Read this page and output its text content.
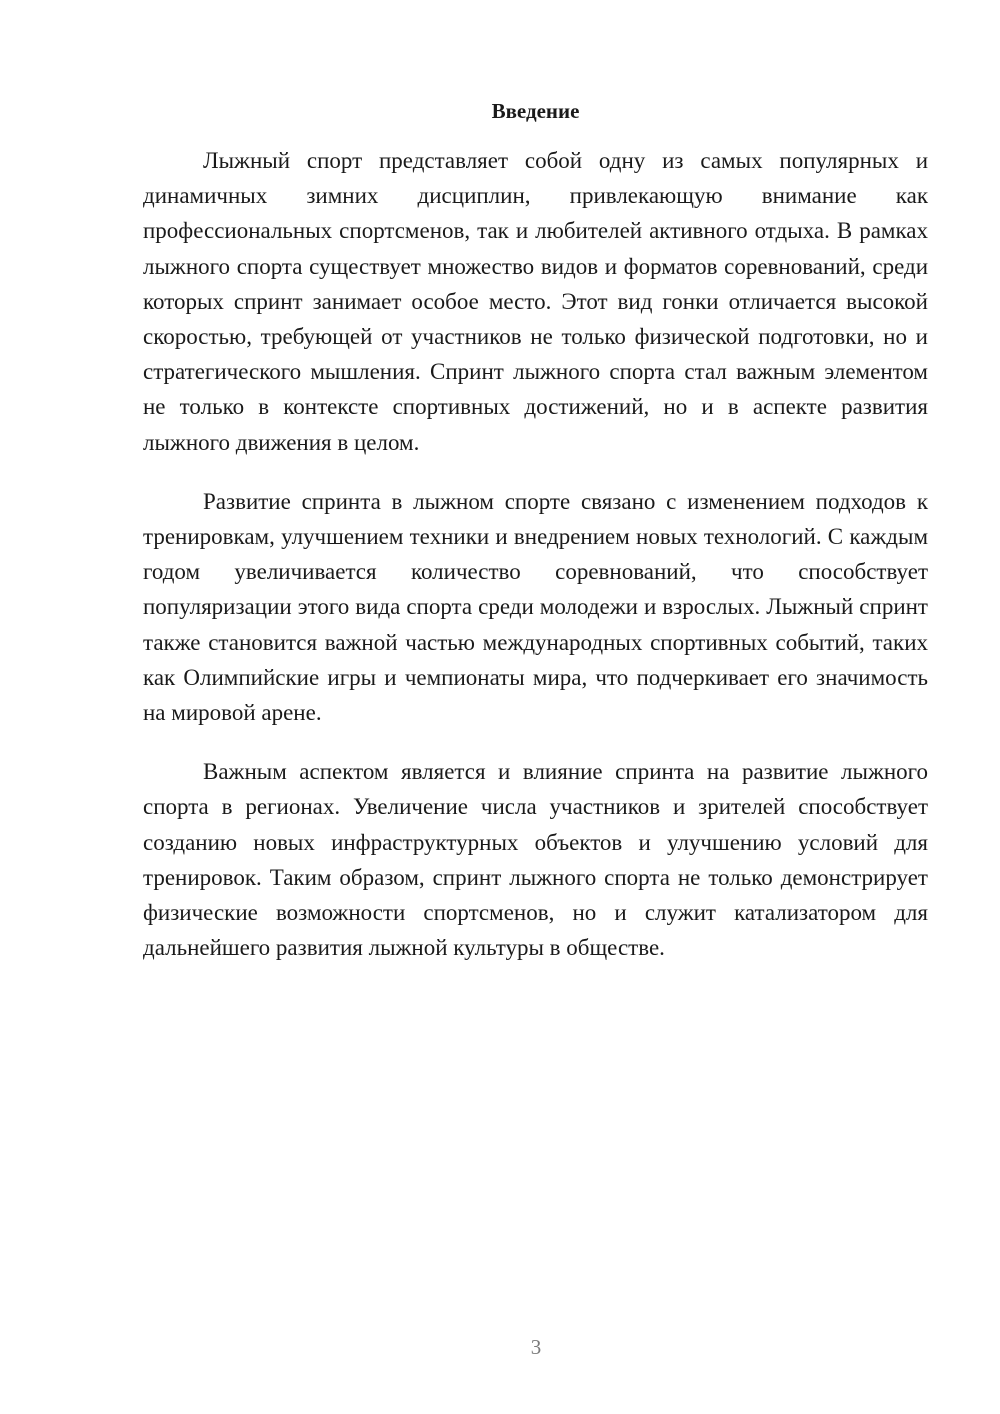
Введение

Лыжный спорт представляет собой одну из самых популярных и динамичных зимних дисциплин, привлекающую внимание как профессиональных спортсменов, так и любителей активного отдыха. В рамках лыжного спорта существует множество видов и форматов соревнований, среди которых спринт занимает особое место. Этот вид гонки отличается высокой скоростью, требующей от участников не только физической подготовки, но и стратегического мышления. Спринт лыжного спорта стал важным элементом не только в контексте спортивных достижений, но и в аспекте развития лыжного движения в целом.

Развитие спринта в лыжном спорте связано с изменением подходов к тренировкам, улучшением техники и внедрением новых технологий. С каждым годом увеличивается количество соревнований, что способствует популяризации этого вида спорта среди молодежи и взрослых. Лыжный спринт также становится важной частью международных спортивных событий, таких как Олимпийские игры и чемпионаты мира, что подчеркивает его значимость на мировой арене.

Важным аспектом является и влияние спринта на развитие лыжного спорта в регионах. Увеличение числа участников и зрителей способствует созданию новых инфраструктурных объектов и улучшению условий для тренировок. Таким образом, спринт лыжного спорта не только демонстрирует физические возможности спортсменов, но и служит катализатором для дальнейшего развития лыжной культуры в обществе.

3
